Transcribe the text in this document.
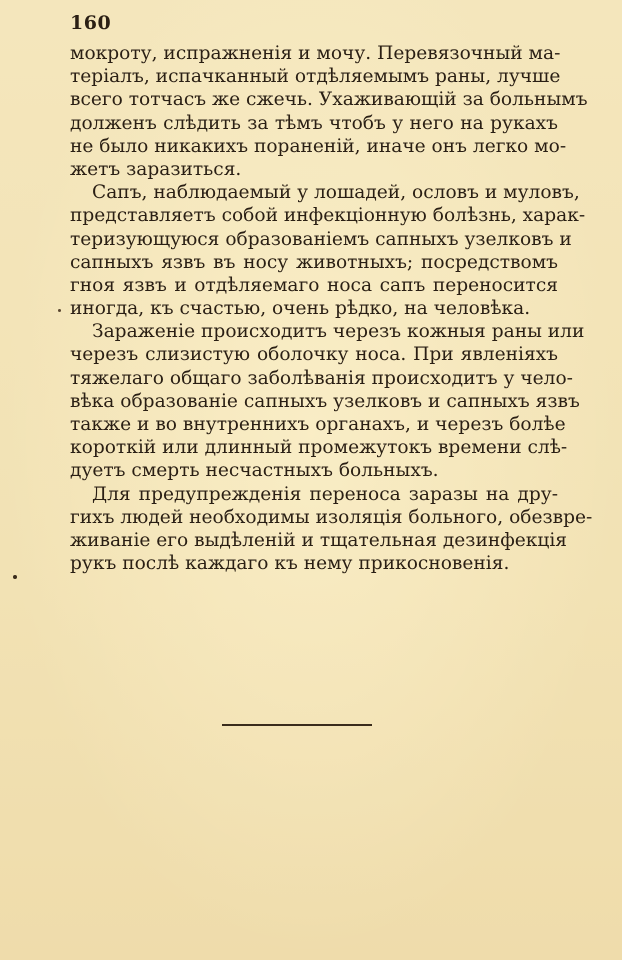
160
мокроту, испражненія и мочу. Перевязочный ма-
теріалъ, испачканный отдѣляемымъ раны, лучше
всего тотчасъ же сжечь. Ухаживающій за больнымъ
долженъ слѣдить за тѣмъ чтобъ у него на рукахъ
не было никакихъ пораненій, иначе онъ легко мо-
жетъ заразиться.
Сапъ, наблюдаемый у лошадей, ословъ и муловъ,
представляетъ собой инфекціонную болѣзнь, харак-
теризующуюся образованіемъ сапныхъ узелковъ и
сапныхъ язвъ въ носу животныхъ; посредствомъ
гноя язвъ и отдѣляемаго носа сапъ переносится
иногда, къ счастью, очень рѣдко, на человѣка.
Зараженіе происходитъ черезъ кожныя раны или
черезъ слизистую оболочку носа. При явленіяхъ
тяжелаго общаго заболѣванія происходитъ у чело-
вѣка образованіе сапныхъ узелковъ и сапныхъ язвъ
также и во внутреннихъ органахъ, и черезъ болѣе
короткій или длинный промежутокъ времени слѣ-
дуетъ смерть несчастныхъ больныхъ.
Для предупрежденія переноса заразы на дру-
гихъ людей необходимы изоляція больного, обезвре-
живаніе его выдѣленій и тщательная дезинфекція
рукъ послѣ каждаго къ нему прикосновенія.
